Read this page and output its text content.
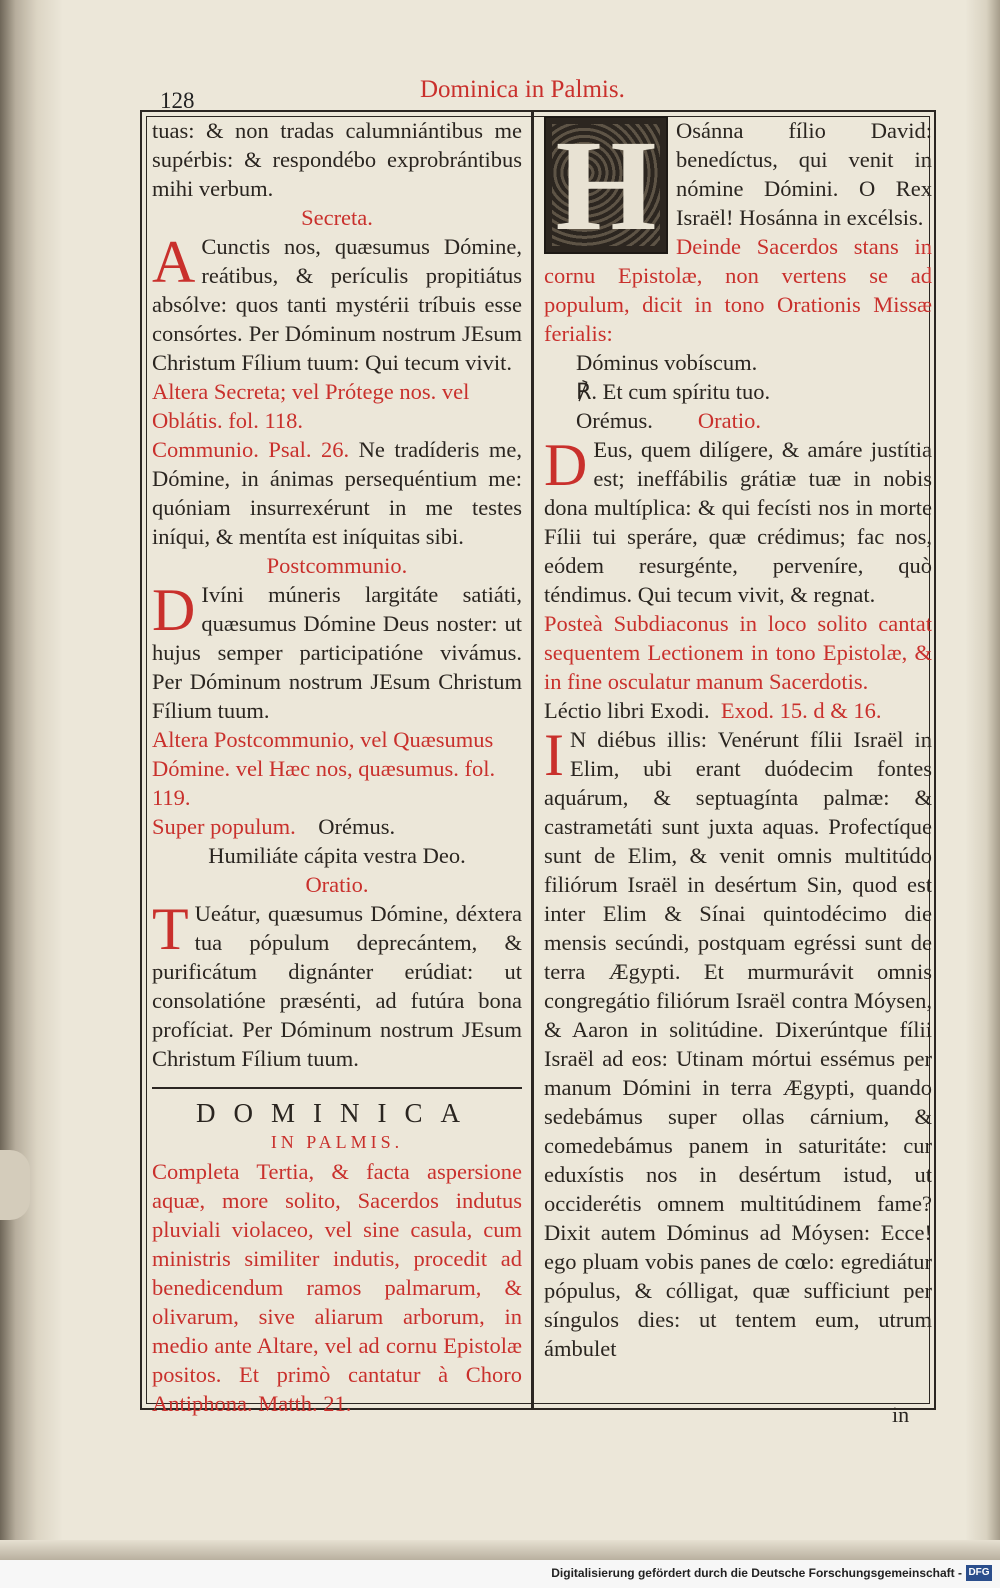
128	Dominica in Palmis.

tuas: & non tradas calumniántibus me supérbis: & respondébo exprobrántibus mihi verbum.

Secreta.

A Cunctis nos, quæsumus Dómine, reátibus, & perículis propitiátus absólve: quos tanti mystérii tríbuis esse consórtes. Per Dóminum nostrum JEsum Christum Fílium tuum: Qui tecum vivit.

Altera Secreta; vel Prótege nos. vel Oblátis. fol. 118.

Communio. Psal. 26. Ne tradíderis me, Dómine, in ánimas persequéntium me: quóniam insurrexérunt in me testes iníqui, & mentíta est iníquitas sibi.

Postcommunio.

D Ivíni múneris largitáte satiáti, quæsumus Dómine Deus noster: ut hujus semper participatióne vivámus. Per Dóminum nostrum JEsum Christum Fílium tuum.

Altera Postcommunio, vel Quæsumus Dómine. vel Hæc nos, quæsumus. fol. 119.

Super populum. Orémus.

Humiliáte cápita vestra Deo.

Oratio.

T Ueátur, quæsumus Dómine, déxtera tua pópulum deprecántem, & purificátum dignánter erúdiat: ut consolatióne præsénti, ad futúra bona profíciat. Per Dóminum nostrum JEsum Christum Fílium tuum.

DOMINICA

IN PALMIS.

Completa Tertia, & facta aspersione aquæ, more solito, Sacerdos indutus pluviali violaceo, vel sine casula, cum ministris similiter indutis, procedit ad benedicendum ramos palmarum, & olivarum, sive aliarum arborum, in medio ante Altare, vel ad cornu Epistolæ positos. Et primò cantatur à Choro Antiphona. Matth. 21.

H Osánna fílio David: benedíctus, qui venit in nómine Dómini. O Rex Israël! Hosánna in excélsis.

Deinde Sacerdos stans in cornu Epistolæ, non vertens se ad populum, dicit in tono Orationis Missæ ferialis:

Dóminus vobíscum.

℟. Et cum spíritu tuo.

Orémus. Oratio.

D Eus, quem dilígere, & amáre justítia est; ineffábilis grátiæ tuæ in nobis dona multíplica: & qui fecísti nos in morte Fílii tui speráre, quæ crédimus; fac nos, eódem resurgénte, perveníre, quò téndimus. Qui tecum vivit, & regnat.

Posteà Subdiaconus in loco solito cantat sequentem Lectionem in tono Epistolæ, & in fine osculatur manum Sacerdotis.

Léctio libri Exodi. Exod. 15. d & 16.

I N diébus illis: Venérunt fílii Israël in Elim, ubi erant duódecim fontes aquárum, & septuagínta palmæ: & castrametáti sunt juxta aquas. Profectíque sunt de Elim, & venit omnis multitúdo filiórum Israël in desértum Sin, quod est inter Elim & Sínai quintodécimo die mensis secúndi, postquam egréssi sunt de terra Ægypti. Et murmurávit omnis congregátio filiórum Israël contra Móysen, & Aaron in solitúdine. Dixerúntque fílii Israël ad eos: Utinam mórtui essémus per manum Dómini in terra Ægypti, quando sedebámus super ollas cárnium, & comedebámus panem in saturitáte: cur eduxístis nos in desértum istud, ut occiderétis omnem multitúdinem fame? Dixit autem Dóminus ad Móysen: Ecce! ego pluam vobis panes de cœlo: egrediátur pópulus, & cólligat, quæ sufficiunt per síngulos dies: ut tentem eum, utrum ámbulet

in
Digitalisierung gefördert durch die Deutsche Forschungsgemeinschaft - DFG
